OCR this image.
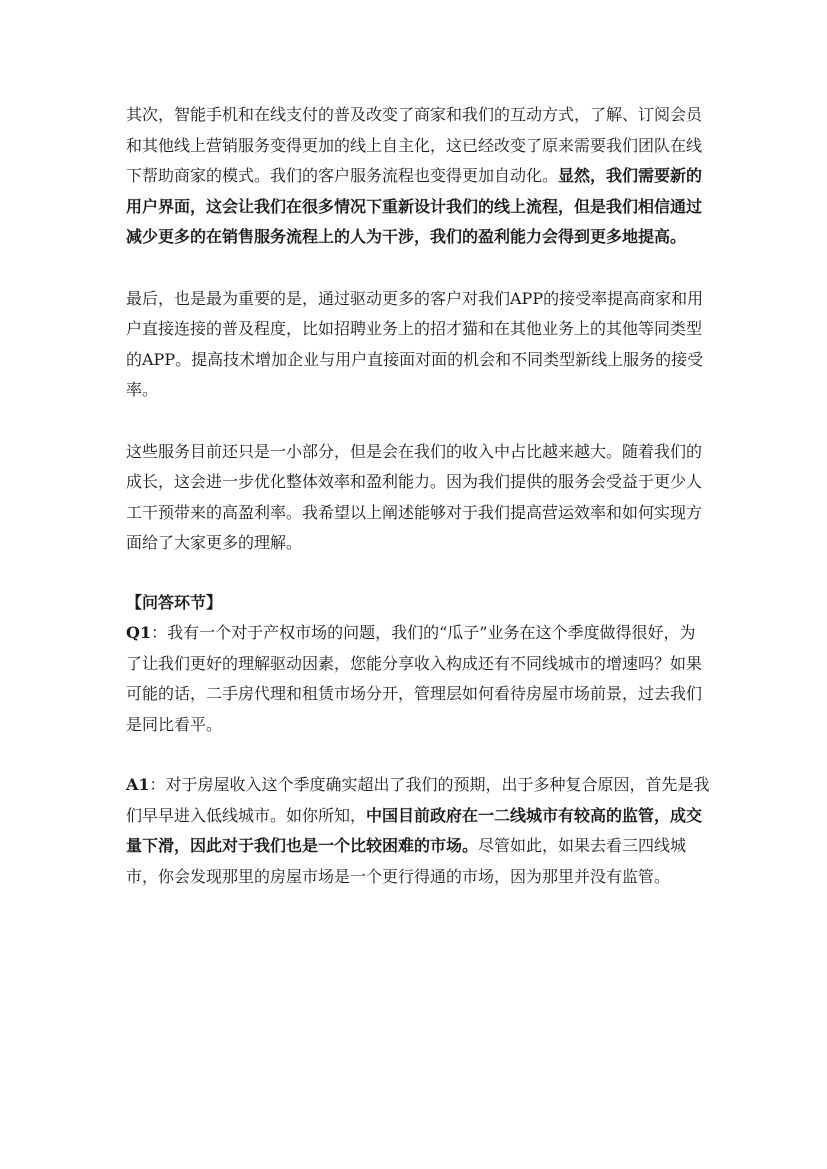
其次，智能手机和在线支付的普及改变了商家和我们的互动方式，了解、订阅会员和其他线上营销服务变得更加的线上自主化，这已经改变了原来需要我们团队在线下帮助商家的模式。我们的客户服务流程也变得更加自动化。显然，我们需要新的用户界面，这会让我们在很多情况下重新设计我们的线上流程，但是我们相信通过减少更多的在销售服务流程上的人为干涉，我们的盈利能力会得到更多地提高。

最后，也是最为重要的是，通过驱动更多的客户对我们APP的接受率提高商家和用户直接连接的普及程度，比如招聘业务上的招才猫和在其他业务上的其他等同类型的APP。提高技术增加企业与用户直接面对面的机会和不同类型新线上服务的接受率。

这些服务目前还只是一小部分，但是会在我们的收入中占比越来越大。随着我们的成长，这会进一步优化整体效率和盈利能力。因为我们提供的服务会受益于更少人工干预带来的高盈利率。我希望以上阐述能够对于我们提高营运效率和如何实现方面给了大家更多的理解。

【问答环节】

Q1：我有一个对于产权市场的问题，我们的“瓜子”业务在这个季度做得很好，为了让我们更好的理解驱动因素，您能分享收入构成还有不同线城市的增速吗？如果可能的话，二手房代理和租赁市场分开，管理层如何看待房屋市场前景，过去我们是同比看平。

A1：对于房屋收入这个季度确实超出了我们的预期，出于多种复合原因，首先是我们早早进入低线城市。如你所知，中国目前政府在一二线城市有较高的监管，成交量下滑，因此对于我们也是一个比较困难的市场。尽管如此，如果去看三四线城市，你会发现那里的房屋市场是一个更行得通的市场，因为那里并没有监管。
